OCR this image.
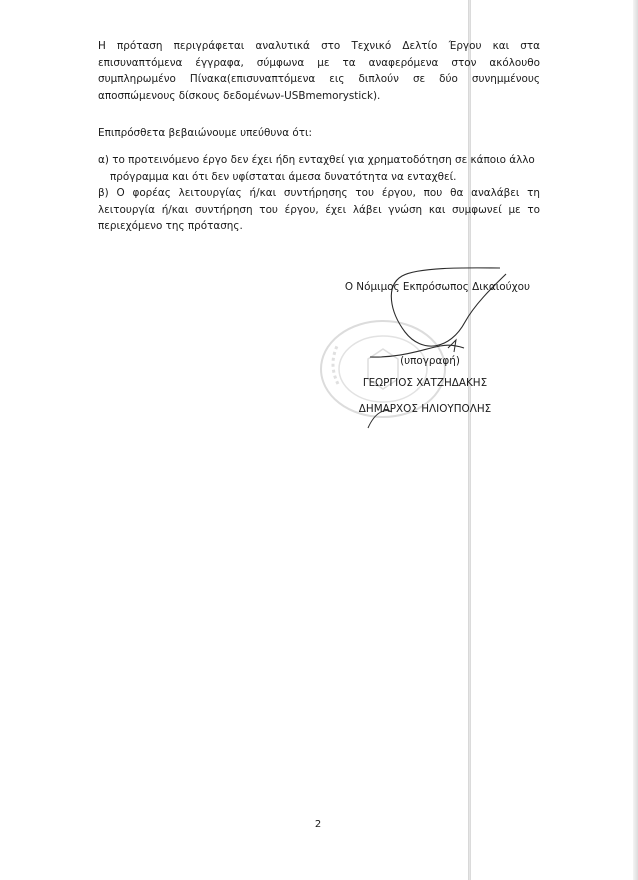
Η πρόταση περιγράφεται αναλυτικά στο Τεχνικό Δελτίο Έργου και στα επισυναπτόμενα έγγραφα, σύμφωνα με τα αναφερόμενα στον ακόλουθο συμπληρωμένο Πίνακα(επισυναπτόμενα εις διπλούν σε δύο συνημμένους αποσπώμενους δίσκους δεδομένων-USBmemorystick).

Επιπρόσθετα βεβαιώνουμε υπεύθυνα ότι:

α) το προτεινόμενο έργο δεν έχει ήδη ενταχθεί για χρηματοδότηση σε κάποιο άλλο
πρόγραμμα και ότι δεν υφίσταται άμεσα δυνατότητα να ενταχθεί.
β) Ο φορέας λειτουργίας ή/και συντήρησης του έργου, που θα αναλάβει τη λειτουργία ή/και συντήρηση του έργου, έχει λάβει γνώση και συμφωνεί με το περιεχόμενο της πρότασης.
Ο Νόμιμος Εκπρόσωπος Δικαιούχου
(υπογραφή)
ΓΕΩΡΓΙΟΣ ΧΑΤΖΗΔΑΚΗΣ
ΔΗΜΑΡΧΟΣ ΗΛΙΟΥΠΟΛΗΣ
2
